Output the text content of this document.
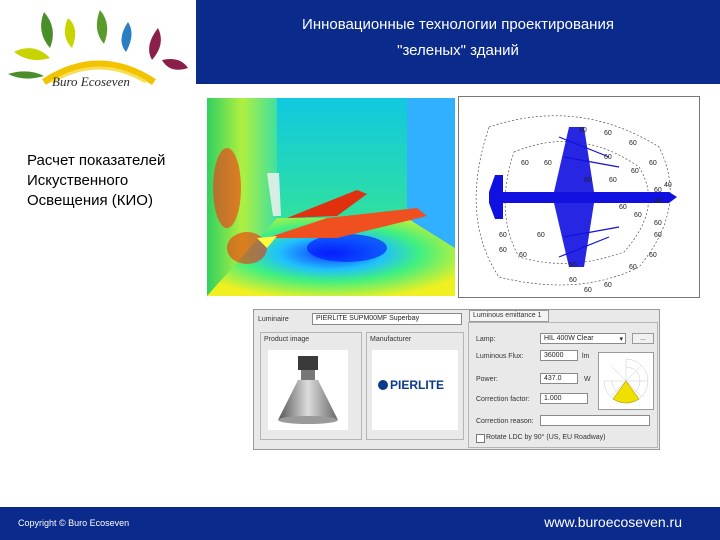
Инновационные технологии проектирования
"зеленых" зданий
Buro Ecoseven
Расчет показателей
Искуственного
Освещения (КИО)
60 60
60
60 60
60
60
60
60 60
60
60
60
60
40
40
60	60	60
60
60	60
60	60
60
60
60
Luminaire	PIERLITE SUPM00MF Superbay	Luminous emittance 1
Product image	Manufacturer
PIERLITE
Lamp:	HIL 400W Clear	▾	...
Luminous Flux:	36000	lm
Power:	437.0	W
Correction factor:	1.000
Correction reason:
Rotate LDC by 90° (US, EU Roadway)
Copyright © Buro Ecoseven	www.buroecoseven.ru
